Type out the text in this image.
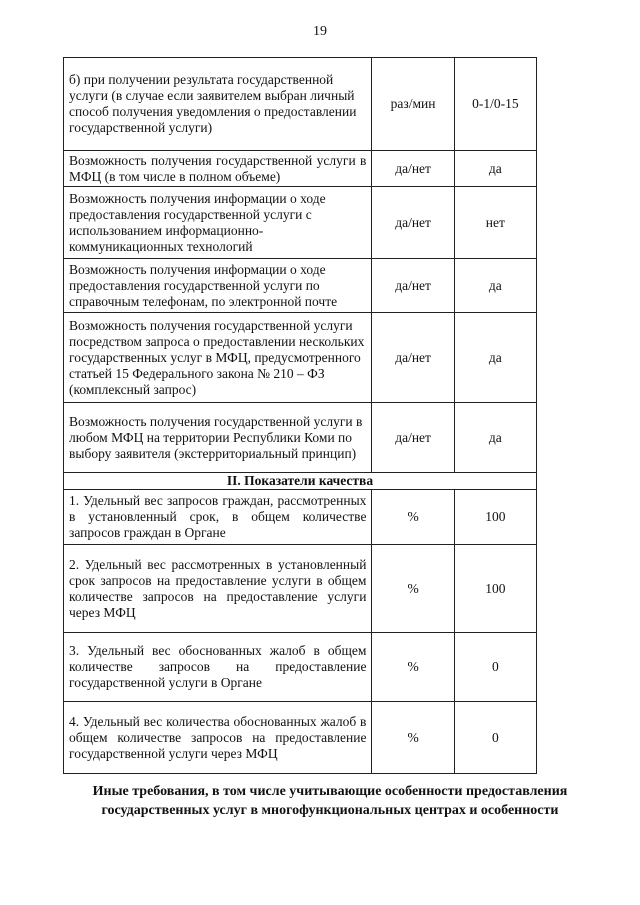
19
б) при получении результата государственной услуги (в случае если заявителем выбран личный способ получения уведомления о предоставлении государственной услуги)	раз/мин	0-1/0-15
Возможность получения государственной услуги в МФЦ (в том числе в полном объеме)	да/нет	да
Возможность получения информации о ходе предоставления государственной услуги с использованием информационно-коммуникационных технологий	да/нет	нет
Возможность получения информации о ходе предоставления государственной услуги по справочным телефонам, по электронной почте	да/нет	да
Возможность получения государственной услуги посредством запроса о предоставлении нескольких государственных услуг в МФЦ, предусмотренного статьей 15 Федерального закона № 210 – ФЗ (комплексный запрос)	да/нет	да
Возможность получения государственной услуги в любом МФЦ на территории Республики Коми по выбору заявителя (экстерриториальный принцип)	да/нет	да
II. Показатели качества		
1. Удельный вес запросов граждан, рассмотренных в установленный срок, в общем количестве запросов граждан в Органе	%	100
2. Удельный вес рассмотренных в установленный срок запросов на предоставление услуги в общем количестве запросов на предоставление услуги через МФЦ	%	100
3. Удельный вес обоснованных жалоб в общем количестве запросов на предоставление государственной услуги в Органе	%	0
4. Удельный вес количества обоснованных жалоб в общем количестве запросов на предоставление государственной услуги через МФЦ	%	0
Иные требования, в том числе учитывающие особенности предоставления государственных услуг в многофункциональных центрах и особенности
